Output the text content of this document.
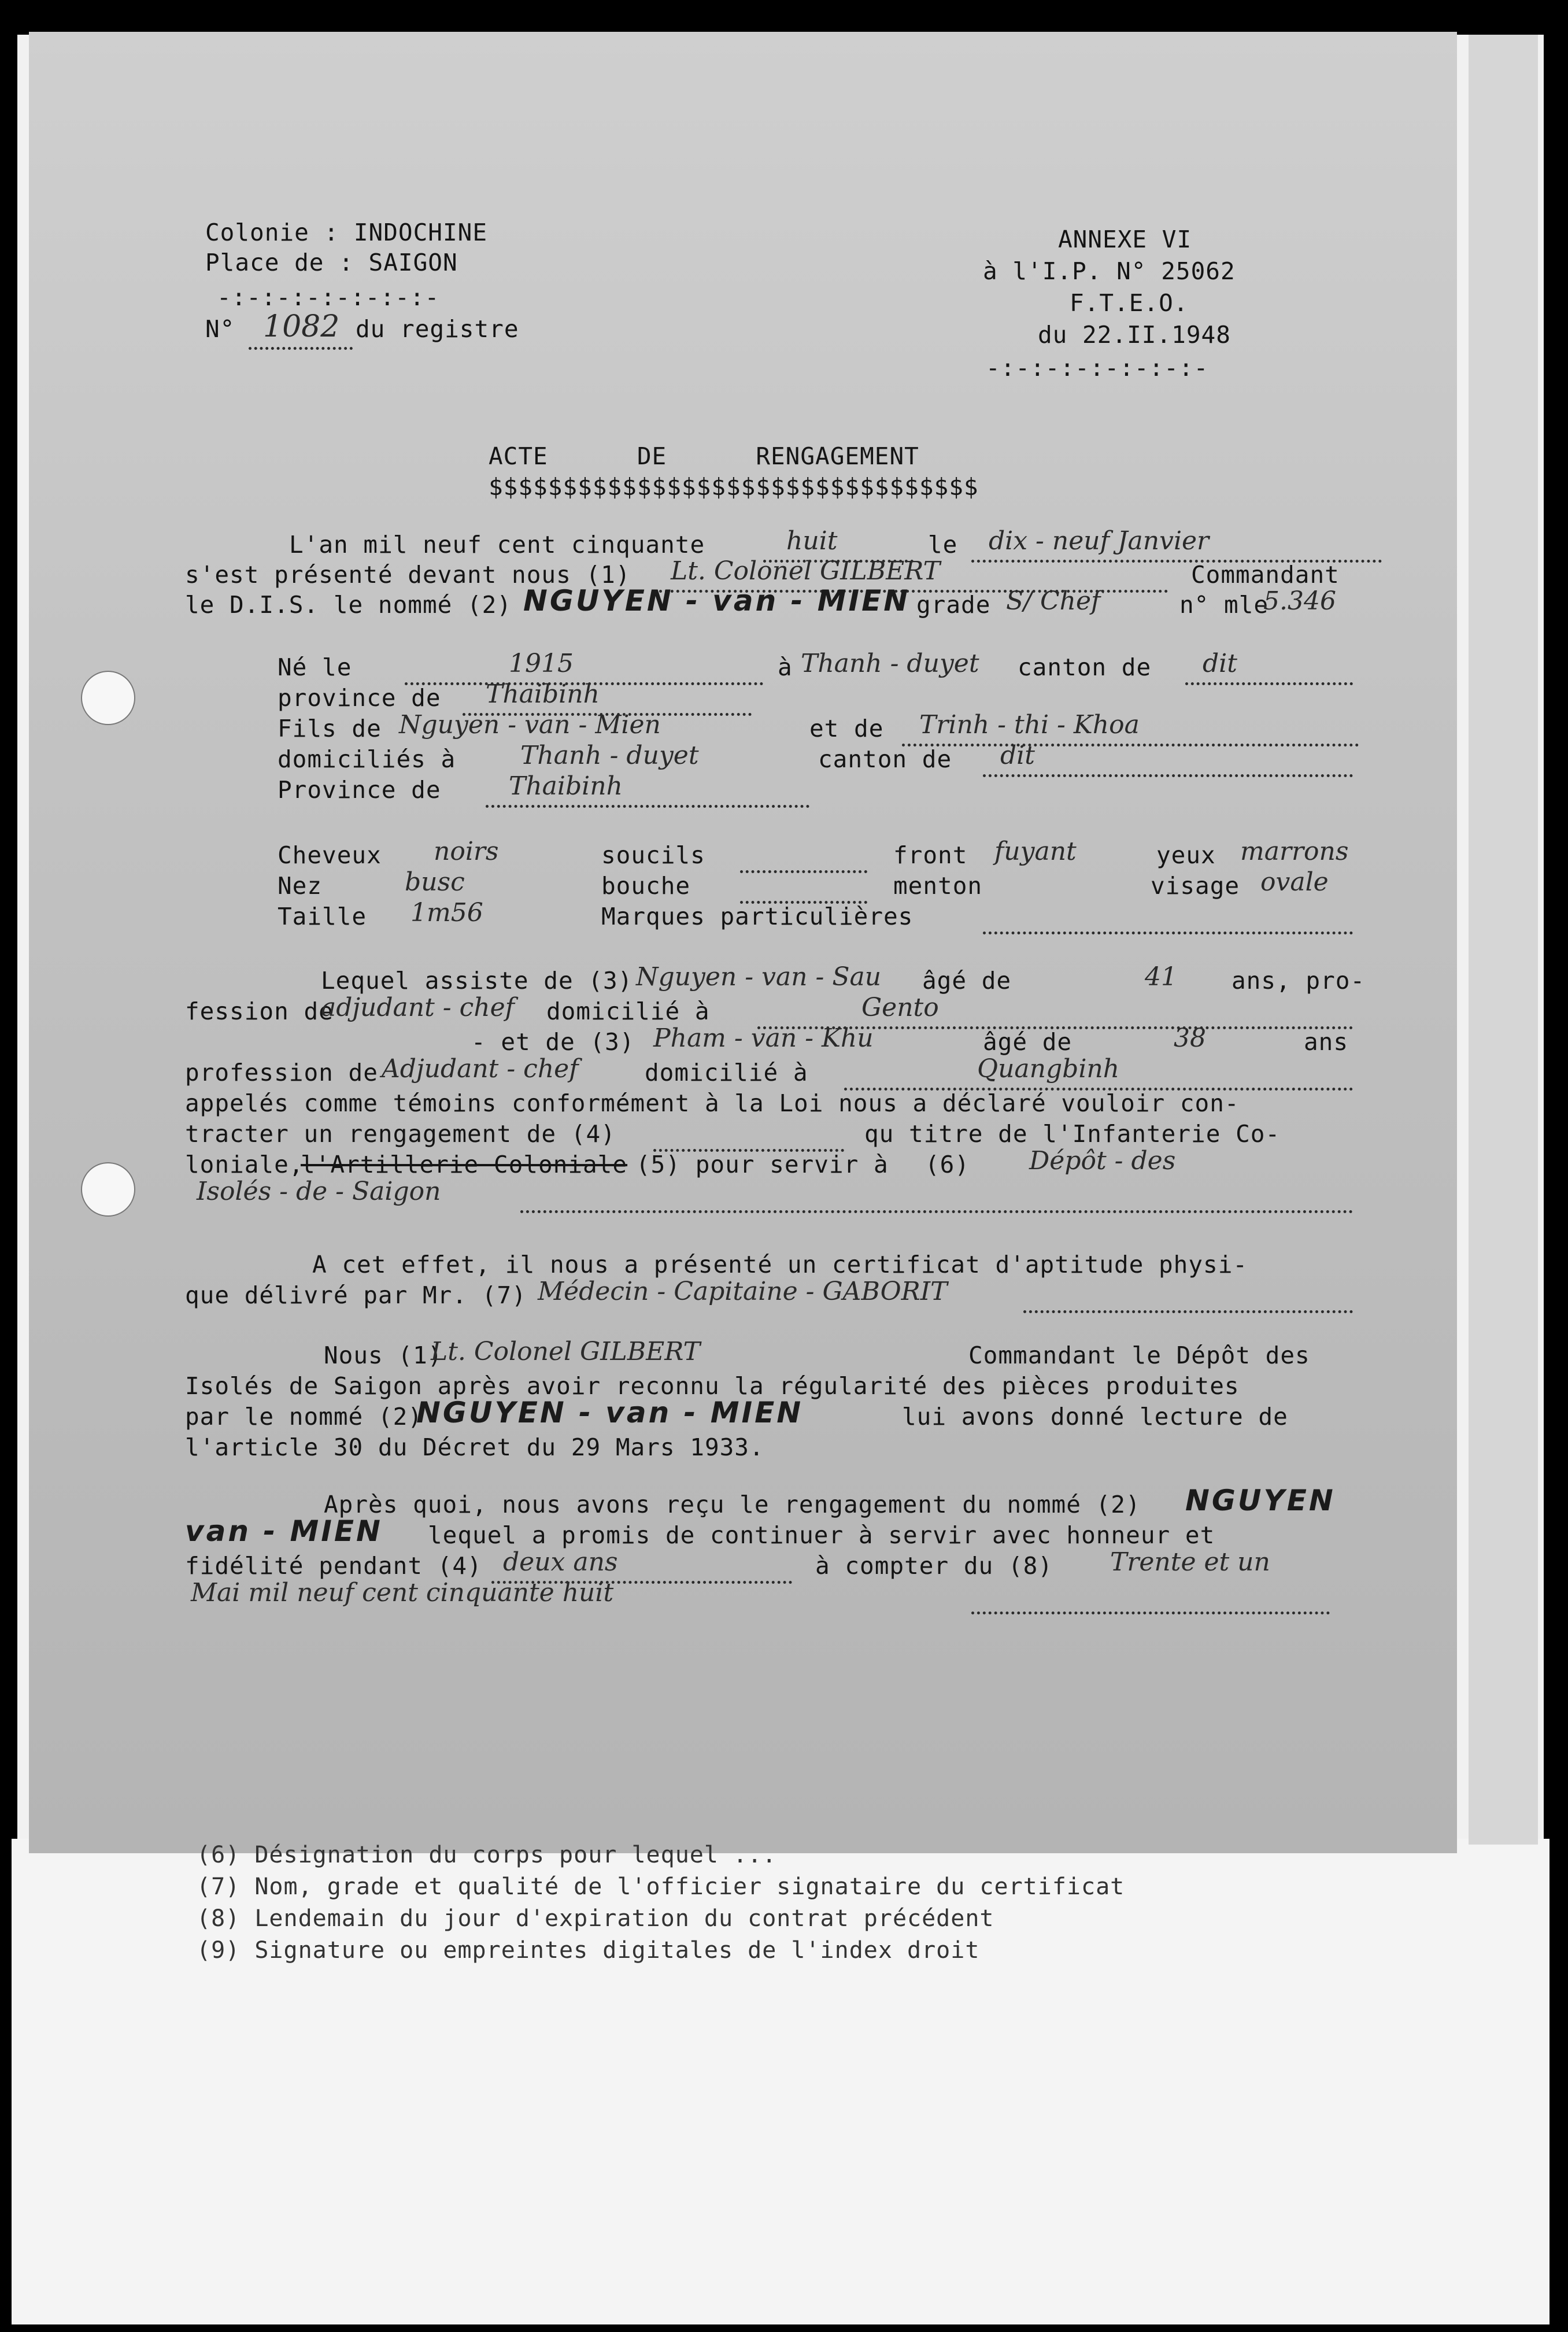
Colonie : INDOCHINE
Place de : SAIGON
-:-:-:-:-:-:-:-
N° 1082 du registre
ANNEXE VI
à l'I.P. N° 25062
F.T.E.O.
du 22.II.1948
-:-:-:-:-:-:-:-
ACTE      DE      RENGAGEMENT
$$$$$$$$$$$$$$$$$$$$$$$$$$$$$$$$$
L'an mil neuf cent cinquante	huit	le dix - neuf Janvier
s'est présenté devant nous (1) Lt. Colonel GILBERT	Commandant
le D.I.S. le nommé (2) NGUYEN - van - MIEN grade S/ Chef	n° mle
5.346
Né le	1915	à Thanh - duyet canton de dit
province de Thaibinh
Fils de Nguyen - van - Mien	et de Trinh - thi - Khoa
domiciliés à	Thanh - duyet	canton de dit
Province de	Thaibinh
Cheveux noirs	soucils	front fuyant	yeux marrons
Nez	busc	bouche	menton	visage ovale
Taille 1m56	Marques particulières
Lequel assiste de (3) Nguyen - van - Sau âgé de	41 ans, pro-
fession de
adjudant - chef domicilié à	Gento
- et de (3) Pham - van - Khu	âgé de	38	ans
profession de Adjudant - chef	domicilié à	Quangbinh
appelés comme témoins conformément à la Loi nous a déclaré vouloir con-
tracter un rengagement de (4)	qu titre de l'Infanterie Co-
loniale,
l'Artillerie Coloniale (5) pour servir à (6) Dépôt - des
Isolés - de - Saigon
A cet effet, il nous a présenté un certificat d'aptitude physi-
que délivré par Mr. (7) Médecin - Capitaine - GABORIT
Nous (1)
Lt. Colonel GILBERT	Commandant le Dépôt des
Isolés de Saigon après avoir reconnu la régularité des pièces produites
par le nommé (2)
NGUYEN - van - MIEN	lui avons donné lecture de
l'article 30 du Décret du 29 Mars 1933.
Après quoi, nous avons reçu le rengagement du nommé (2) NGUYEN
van - MIEN lequel a promis de continuer à servir avec honneur et
fidélité pendant (4) deux ans	à compter du (8) Trente et un
Mai mil neuf cent cinquante huit
(6) Désignation du corps pour lequel ...
(7) Nom, grade et qualité de l'officier signataire du certificat
(8) Lendemain du jour d'expiration du contrat précédent
(9) Signature ou empreintes digitales de l'index droit
